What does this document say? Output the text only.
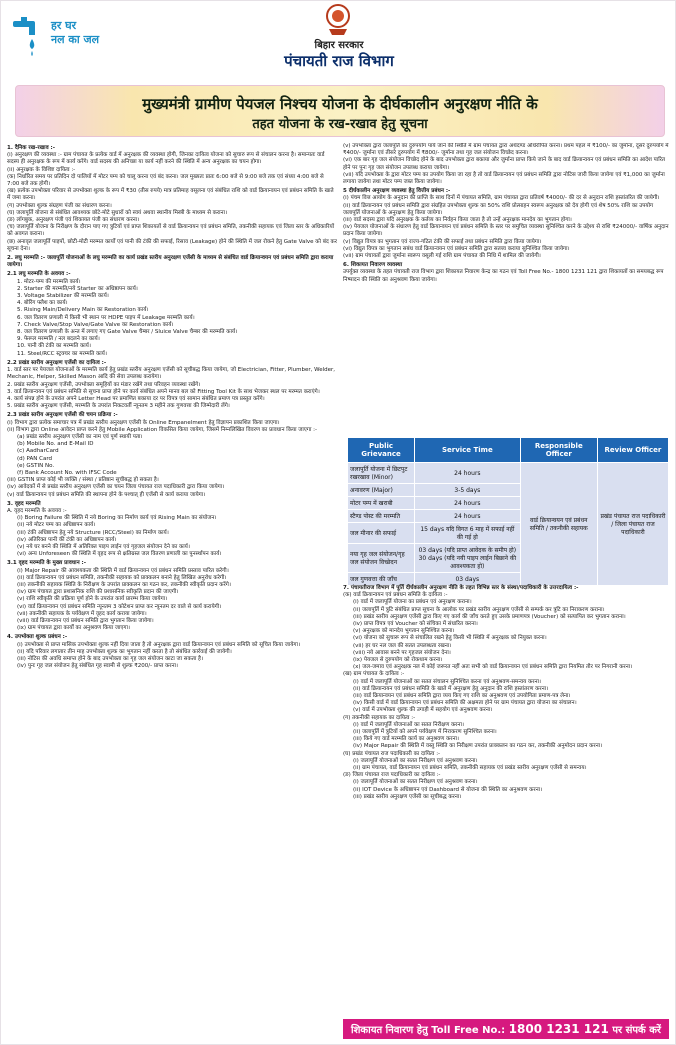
हर घर
नल का जल	बिहार सरकार
पंचायती राज विभाग
मुख्यमंत्री ग्रामीण पेयजल निश्चय योजना के दीर्घकालीन अनुरक्षण नीति के
तहत योजना के रख-रखाव हेतु सूचना
1. दैनिक रख-रखाव :-
(i) अनुरक्षण की व्यवस्था :- ग्राम पंचायत के प्रत्येक वार्ड में अनुरक्षक की व्यवस्था होगी, जिनका दायित्व योजना को सुचारु रूप से संचालन करना है। समान्यतः वार्ड सदस्य ही अनुरक्षक के रूप में कार्य करेंगे। वार्ड सदस्य की अनिच्छा या कार्य नहीं करने की स्थिति में अन्य अनुरक्षक का चयन होगा।
(ii) अनुरक्षक के विशिष्ट दायित्व :-
(क) निर्धारित समय पर प्रतिदिन दो पालियों में मोटर पम्प को चालू करना एवं बंद करना। जल मुख्यतः प्रातः 6:00 बजे से 9:00 बजे तक एवं संध्या 4:00 बजे से 7:00 बजे तक होगी।
(ख) प्रत्येक उपभोक्ता परिवार से उपभोक्ता शुल्क के रूप में ₹30 (तीस रुपये) मात्र प्रतिमाह वसूलना एवं संबंधित राशि को वार्ड क्रियान्वयन एवं प्रबंधन समिति के खाते में जमा करना।
(ग) उपभोक्ता शुल्क संग्रहण पंजी का संधारण करना।
(घ) जलापूर्ति योजना से संबंधित आवश्यक छोटे-मोटे सुधारों को स्वयं अथवा स्थानीय मिस्त्री के माध्यम से कराना।
(ङ) लॉगबुक, अनुरक्षण पंजी एवं शिकायत पंजी का संधारण करना।
(च) जलापूर्ति योजना के निरीक्षण के दौरान पाए गए त्रुटियों एवं प्राप्त शिकायतों से वार्ड क्रियान्वयन एवं प्रबंधन समिति, तकनीकी सहायक एवं जिला स्तर के अधिकारियों को अवगत कराना।
(छ) अनावृत जलापूर्ति पाइपों, छोटी-मोटी मरम्मत कार्यों एवं पानी की टंकी की सफाई, रिसाव (Leakage) होने की स्थिति में जल रोकने हेतु Gate Valve को बंद कर सूचना देना।
2. लघु मरम्मति :- जलापूर्ति योजनाओं के लघु मरम्मति का कार्य प्रखंड स्तरीय अनुरक्षण एजेंसी के माध्यम से संबंधित वार्ड क्रियान्वयन एवं प्रबंधन समिति द्वारा कराया जायेगा।
2.1 लघु मरम्मति के अवयव :-
1. मोटर-पम्प की मरम्मति कार्य।
2. Starter की मरम्मति/नये Starter का अधिष्ठापन कार्य।
3. Voltage Stabilizer की मरम्मति कार्य।
4. बोरिंग फ्लैश का कार्य।
5. Rising Main/Delivery Main का Restoration कार्य।
6. जल वितरण प्रणाली में किसी भी स्थान पर HDPE पाइप में Leakage मरम्मति कार्य।
7. Check Valve/Stop Valve/Gate Valve का Restoration कार्य।
8. जल वितरण प्रणाली के अन्त में लगाए गए Gate Valve चैम्बर / Sluice Valve चैम्बर की मरम्मति कार्य।
9. फेरूल मरम्मति / नल बदलने का कार्य।
10. पानी की टंकी का मरम्मति कार्य।
11. Steel/RCC स्ट्रक्चर का मरम्मति कार्य।
2.2 प्रखंड स्तरीय अनुरक्षण एजेंसी का दायित्व :-
1. वार्ड स्तर पर पेयजल योजनाओं के मरम्मति कार्य हेतु प्रखंड स्तरीय अनुरक्षण एजेंसी को सूचीबद्ध किया जायेगा, जो Electrician, Fitter, Plumber, Welder, Mechanic, Helper, Skilled Mason आदि की सेवा उपलब्ध करायेगा।
2. प्रखंड स्तरीय अनुरक्षण एजेंसी, उपभोक्ता समूहियों का मंडार रखेंगे तथा परिवहन व्यवस्था रखेंगे।
3. वार्ड क्रियान्वयन एवं प्रबंधन समिति से सूचना प्राप्त होने पर कार्य संबंधित अपने मानव बल को Fitting Tool Kit के साथ भेजकर स्थल पर मरम्मत कराएंगे।
4. कार्य संपन्न होने के उपरांत अपने Letter Head पर प्रमाणित बकाया दर पर विपत्र एवं सामान संबंधित प्रमाण पत्र प्रस्तुत करेंगे।
5. प्रखंड स्तरीय अनुरक्षण एजेंसी, मरम्मति के उपरांत निकटवर्ती न्यूनतम 3 महीने तक गुणवत्ता की जिम्मेदारी लेंगे।
2.3 प्रखंड स्तरीय अनुरक्षण एजेंसी की चयन प्रक्रिया :-
(i) विभाग द्वारा प्रत्येक समाचार पत्र में प्रखंड स्तरीय अनुरक्षण एजेंसी के Online Empanelment हेतु विज्ञापन प्रकाशित किया जाएगा।
(ii) विभाग द्वारा Online आवेदन प्राप्त करने हेतु Mobile Application विकसित किया जायेगा, जिसमें निम्नलिखित विवरण का प्रावधान किया जाएगा :-
(a) प्रखंड स्तरीय अनुरक्षण एजेंसी का नाम एवं पूर्ण स्थायी पता।
(b) Mobile No. and E-Mail ID
(c) AadharCard
(d) PAN Card
(e) GSTIN No.
(f) Bank Account No. with IFSC Code
(iii) GSTIN प्राप्त कोई भी व्यक्ति / संस्था / प्रतिष्ठान सूचीबद्ध हो सकता है।
(iv) आवेदकों में से प्रखंड स्तरीय अनुरक्षण एजेंसी का चयन जिला पंचायत राज पदाधिकारी द्वारा किया जायेगा।
(v) वार्ड क्रियान्वयन एवं प्रबंधन समिति की स्थापना होने के पश्चात् ही एजेंसी से कार्य कराया जायेगा।
3. वृहद मरम्मति
A. वृहद मरम्मति के अवयव :-
(i) Boring Failure की स्थिति में नये Boring का निर्माण कार्य एवं Rising Main का संयोजन।
(ii) नये मोटर पम्प का अधिष्ठापन कार्य।
(iii) टंकी अधिष्ठापन हेतु नये Structure (RCC/Steel) का निर्माण कार्य।
(iv) अतिरिक्त पानी की टंकी का अधिष्ठापन कार्य।
(v) नये घर बनने की स्थिति में अतिरिक्त पाइप लाईन एवं गृहजल संयोजन देने का कार्य।
(vi) अन्य Unforeseen की स्थिति में वृहद रूप से क्षतिग्रस्त जल वितरण प्रणाली का पुनर्स्थापन कार्य।
3.1 वृहद मरम्मति के मुख्य प्रावधान :-
(i) Major Repair की आवश्यकता की स्थिति में वार्ड क्रियान्वयन एवं प्रबंधन समिति प्रस्ताव पारित करेगी।
(ii) वार्ड क्रियान्वयन एवं प्रबंधन समिति, तकनीकी सहायक को प्राक्कलन बनाने हेतु लिखित अनुरोध करेगी।
(iii) तकनीकी सहायक स्थिति के निरीक्षण के उपरांत प्राक्कलन का गठन कर, तकनीकी स्वीकृति प्रदान करेंगे।
(iv) ग्राम पंचायत द्वारा प्रशासनिक राशि की प्रशासनिक स्वीकृति प्रदान की जाएगी।
(v) राशि स्वीकृति की प्रक्रिया पूर्ण होने के उपरांत कार्य प्रारम्भ किया जायेगा।
(vi) वार्ड क्रियान्वयन एवं प्रबंधन समिति न्यूनतम 3 कोटेशन प्राप्त कर न्यूनतम दर वाले से कार्य करायेगी।
(vii) तकनीकी सहायक के पर्यवेक्षण में वृहद कार्य कराया जायेगा।
(viii) वार्ड क्रियान्वयन एवं प्रबंधन समिति द्वारा भुगतान किया जायेगा।
(ix) ग्राम पंचायत द्वारा कार्यों का अनुश्रवण किया जाएगा।
4. उपभोक्ता शुल्क प्रबंधन :-
(i) उपभोक्ता से प्राप्त मासिक उपभोक्ता शुल्क नहीं दिया जाता है तो अनुरक्षक द्वारा वार्ड क्रियान्वयन एवं प्रबंधन समिति को सूचित किया जायेगा।
(ii) यदि परिवार लगातार तीन माह उपभोक्ता शुल्क का भुगतान नहीं करता है तो संबंधित कार्रवाई की जायेगी।
(iii) नोटिस की अवधि समाप्त होने के बाद उपभोक्ता का गृह जल संयोजन काटा जा सकता है।
(iv) पुनः गृह जल संयोजन हेतु संबंधित गृह स्वामी से शुल्क ₹200/- प्राप्त करना।
(v) उपभोक्ता द्वारा जलापूर्ति का दुरुपयोग पाये जाने की स्थिति में ग्राम पंचायत द्वारा अर्थदण्ड अधिरोपित करना। प्रथम पहल में ₹100/- का जुर्माना, दूसरे दुरुपयोग में ₹400/- जुर्माना एवं तीसरे दुरुपयोग में ₹800/- जुर्माना तथा गृह जल संयोजन विच्छेद करना।
(vi) एक बार गृह जल संयोजन विच्छेद होने के बाद उपभोक्ता द्वारा बकाया और जुर्माना प्राप्त किये जाने के बाद वार्ड क्रियान्वयन एवं प्रबंधन समिति का आदेश पारित होने पर पुनः गृह जल संयोजन उपलब्ध कराया जायेगा।
(vii) यदि उपभोक्ता के द्वारा मोटर पम्प का उपयोग किया जा रहा है तो वार्ड क्रियान्वयन एवं प्रबंधन समिति द्वारा नोटिस जारी किया जायेगा एवं ₹1,000 का जुर्माना लगाया जायेगा तथा मोटर पम्प जब्त किया जायेगा।
5 दीर्घकालीन अनुरक्षण व्यवस्था हेतु वित्तीय प्रबंधन :-
(i) पंचम वित्त आयोग के अनुदान की प्राप्ति के साथ दिनों में पंचायत समिति, ग्राम पंचायत द्वारा प्रतिवर्ष ₹4000/- की दर से अनुदान राशि हस्तांतरित की जायेगी।
(ii) वार्ड क्रियान्वयन एवं प्रबंधन समिति द्वारा संग्रहित उपभोक्ता शुल्क का 50% राशि प्रोत्साहन स्वरूप अनुरक्षक को देय होगी एवं शेष 50% राशि का उपयोग जलापूर्ति योजनाओं के अनुरक्षण हेतु किया जायेगा।
(iii) वार्ड सदस्य द्वारा यदि अनुरक्षक के कर्तव्य का निर्वहन किया जाता है तो उन्हें अनुरक्षक मानदेय का भुगतान होगा।
(iv) पेयजल योजनाओं के संधारण हेतु वार्ड क्रियान्वयन एवं प्रबंधन समिति के स्तर पर समुचित व्यवस्था सुनिश्चित करने के उद्देश्य से राशि ₹24000/- वार्षिक अनुदान प्रदान किया जायेगा।
(v) विद्युत विपत्र का भुगतान एवं राज्य-गठित टंकी की सफाई तथा प्रबंधन समिति द्वारा किया जायेगा।
(vi) विद्युत विपत्र का भुगतान सबंध वार्ड क्रियान्वयन एवं प्रबंधन समिति द्वारा सतत्त्व कराया सुनिश्चित किया जायेगा।
(vii) ग्राम पंचायतों द्वारा जुर्माना स्वरूप वसूली गई राशि ग्राम पंचायत की निधि में शामिल की जायेगी।
6. शिकायत निवारण व्यवस्था
उपर्युक्त व्यवस्था के तहत पंचायती राज विभाग द्वारा शिकायत निवारण केन्द्र का गठन एवं Toll Free No.- 1800 1231 121 द्वारा शिकायतों का समयबद्ध रूप निष्पादन की स्थिति का अनुश्रवण किया जायेगा।
Public Grievance	Service Time	Responsible Officer	Review Officer
जलापूर्ति योजना में छिटपुट रखरखाव (Minor)	24 hours	वार्ड क्रियान्वयन एवं प्रबंधन समिति / तकनीकी सहायक	प्रखंड पंचायत राज पदाधिकारी / जिला पंचायत राज पदाधिकारी
अनावरण (Major)	3-5 days		
मोटर पम्प में खराबी	24 hours		
स्टैण्ड पोस्ट की मरम्मति	24 hours		
जल मीनार की सफाई	15 days यदि विगत 6 माह में सफाई नहीं की गई हो		
नया गृह जल संयोजन/गृह जल संयोजन विच्छेदन	03 days (यदि प्राप्त आवेदक के समीप हो) 30 days (यदि नयी पाइप लाईन बिछाने की आवश्यकता हो)		
जल गुणवत्ता की जाँच	03 days		
7. पंचायतीराज विभाग में पूर्ति दीर्घकालीन अनुरक्षण नीति के तहत विभिन्न स्तर के संस्था/पदाधिकारी के उत्तरदायित्व :-
(क) वार्ड क्रियान्वयन एवं प्रबंधन समिति के दायित्व :-
(i) वार्ड में जलापूर्ति योजना का प्रबंधन एवं अनुरक्षण कराना।
(ii) जलापूर्ति में त्रुटि संबंधित प्राप्त सूचना के आलोक पर प्रखंड स्तरीय अनुरक्षण एजेंसी से सम्पर्क कर त्रुटि का निराकरण कराना।
(iii) प्रखंड स्तरीय अनुरक्षण एजेंसी द्वारा किए गए कार्य की जाँच करते हुए उसके प्रमाणपत्र (Voucher) को सत्यापित कर भुगतान कराना।
(iv) प्राप्त विपत्र एवं Voucher को संचिका में संधारित करना।
(v) अनुरक्षक को मानदेय भुगतान सुनिश्चित करना।
(vi) योजना को सुचारू रूप से संचालित रखने हेतु किसी भी स्थिति में अनुरक्षक को नियुक्त करना।
(vii) हर घर नल जल की सतत उपलब्धता रखना।
(viii) नये आवास बनने पर गृहजल संयोजन देना।
(ix) पेयजल से दुरुपयोग को रोकथाम करना।
(x) जल-जमाव एवं अनुरक्षक नल में कोई जरूरत नहीं अतः सभी को वार्ड क्रियान्वयन एवं प्रबंधन समिति द्वारा नियमित तौर पर निगरानी करना।
(ख) ग्राम पंचायत के दायित्व :-
(i) वार्ड में जलापूर्ति योजनाओं का सतत संचालन सुनिश्चित करना एवं अनुश्रवण-समन्वय करना।
(ii) वार्ड क्रियान्वयन एवं प्रबंधन समिति के खाते में अनुरक्षण हेतु अनुदान की राशि हस्तांतरण करना।
(iii) वार्ड क्रियान्वयन एवं प्रबंधन समिति द्वारा व्यय किए गए राशि का अनुश्रवण एवं उपयोगिता प्रमाण-पत्र लेना।
(iv) किसी वार्ड में वार्ड क्रियान्वयन एवं प्रबंधन समिति की अक्षमता होने पर ग्राम पंचायत द्वारा योजना का संचालन।
(v) वार्ड में उपभोक्ता शुल्क की उगाही में सहयोग एवं अनुश्रवण करना।
(ग) तकनीकी सहायक का दायित्व :-
(i) वार्ड में जलापूर्ति योजनाओं का सतत निरीक्षण करना।
(ii) जलापूर्ति में त्रुटियों को अपने पर्यवेक्षण में निराकरण सुनिश्चित करना।
(iii) किये गए वार्ड मरम्मति कार्य का अनुश्रवण करना।
(iv) Major Repair की स्थिति में वस्तु स्थिति का निरीक्षण उपरांत प्राक्कलन का गठन कर, तकनीकी अनुमोदन प्रदान करना।
(घ) प्रखंड पंचायत राज पदाधिकारी का दायित्व :-
(i) जलापूर्ति योजनाओं का सतत निरीक्षण एवं अनुश्रवण करना।
(ii) ग्राम पंचायत, वार्ड क्रियान्वयन एवं प्रबंधन समिति, तकनीकी सहायक एवं प्रखंड स्तरीय अनुरक्षण एजेंसी से समन्वय।
(ङ) जिला पंचायत राज पदाधिकारी का दायित्व :-
(i) जलापूर्ति योजनाओं का सतत निरीक्षण एवं अनुश्रवण करना।
(ii) IOT Device के अधिष्ठापन एवं Dashboard से योजना की स्थिति का अनुश्रवण करना।
(iii) प्रखंड स्तरीय अनुरक्षण एजेंसी का सूचीबद्ध करना।
शिकायत निवारण हेतु Toll Free No.: 1800 1231 121 पर संपर्क करें
